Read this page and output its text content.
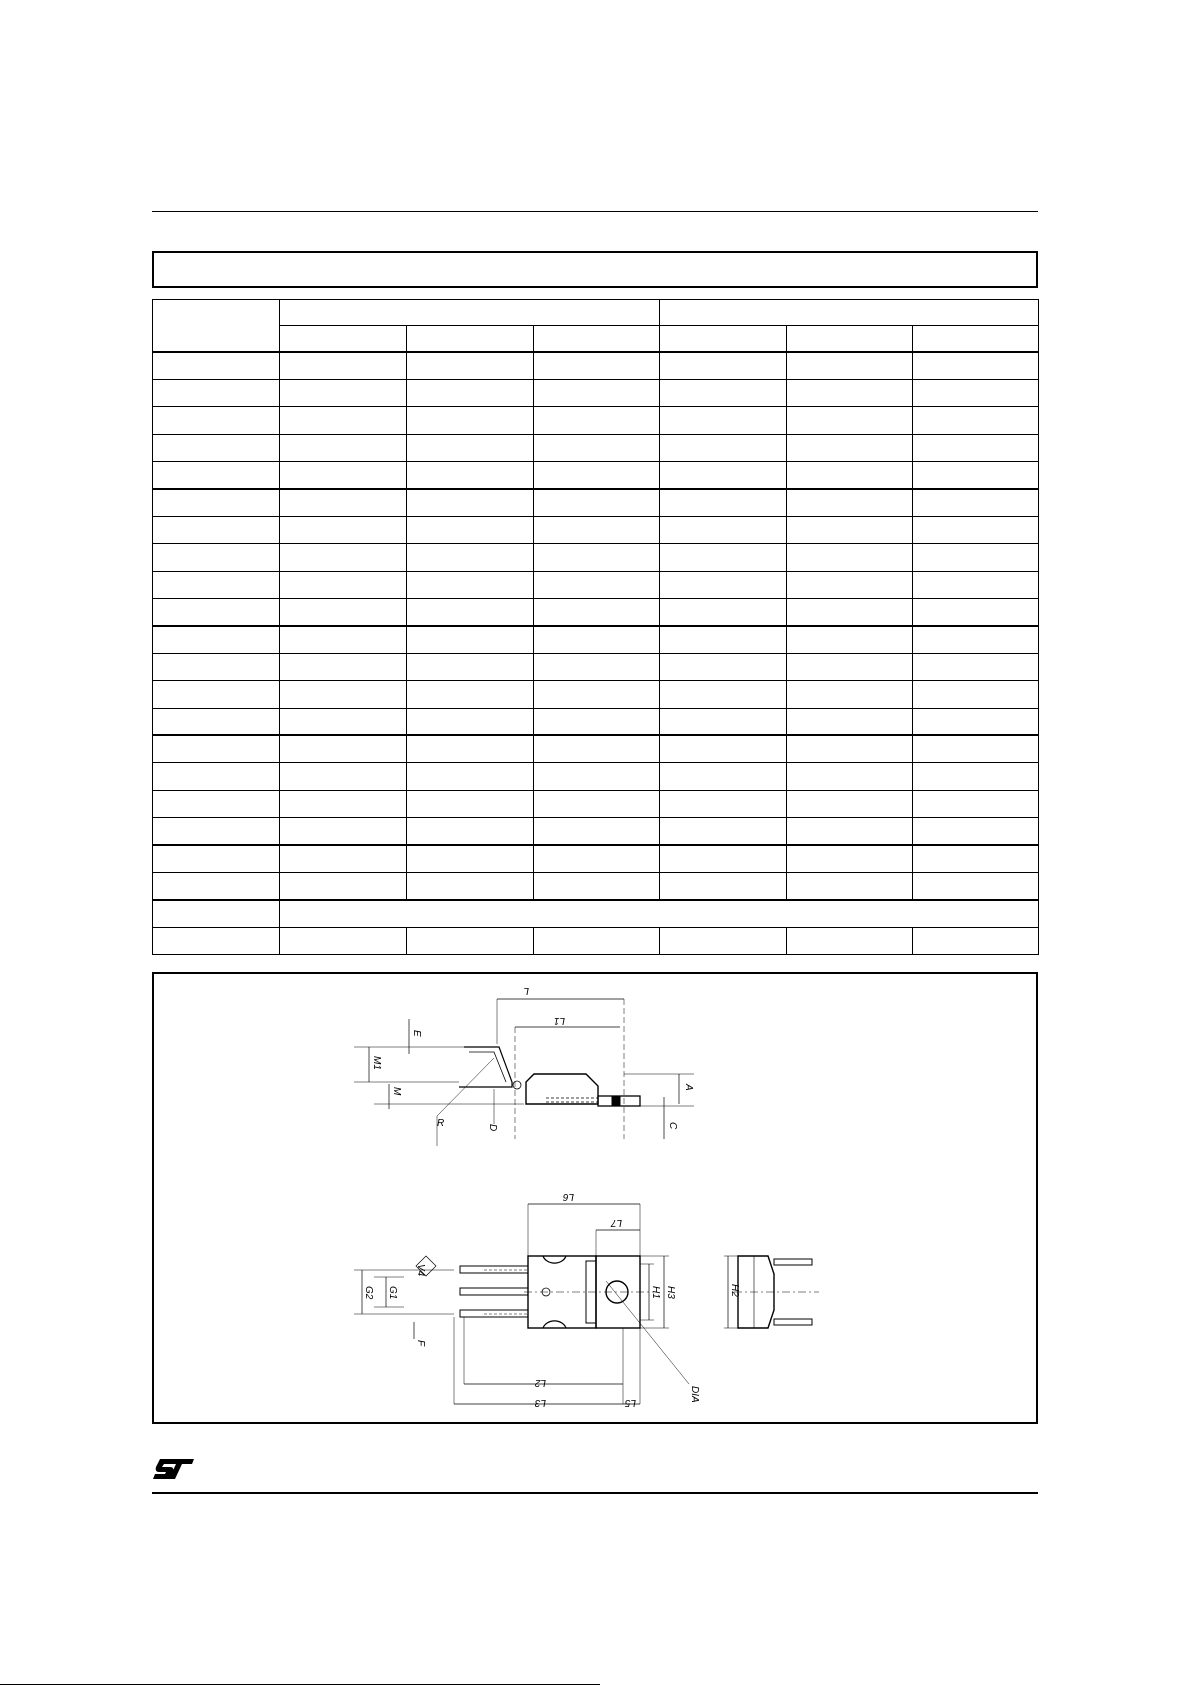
L
L1
E
M1
M
R	D
A
C
L6
L7
V4
G1
G2
F
H1 H3
L2
L3	L5	DIA
H2
